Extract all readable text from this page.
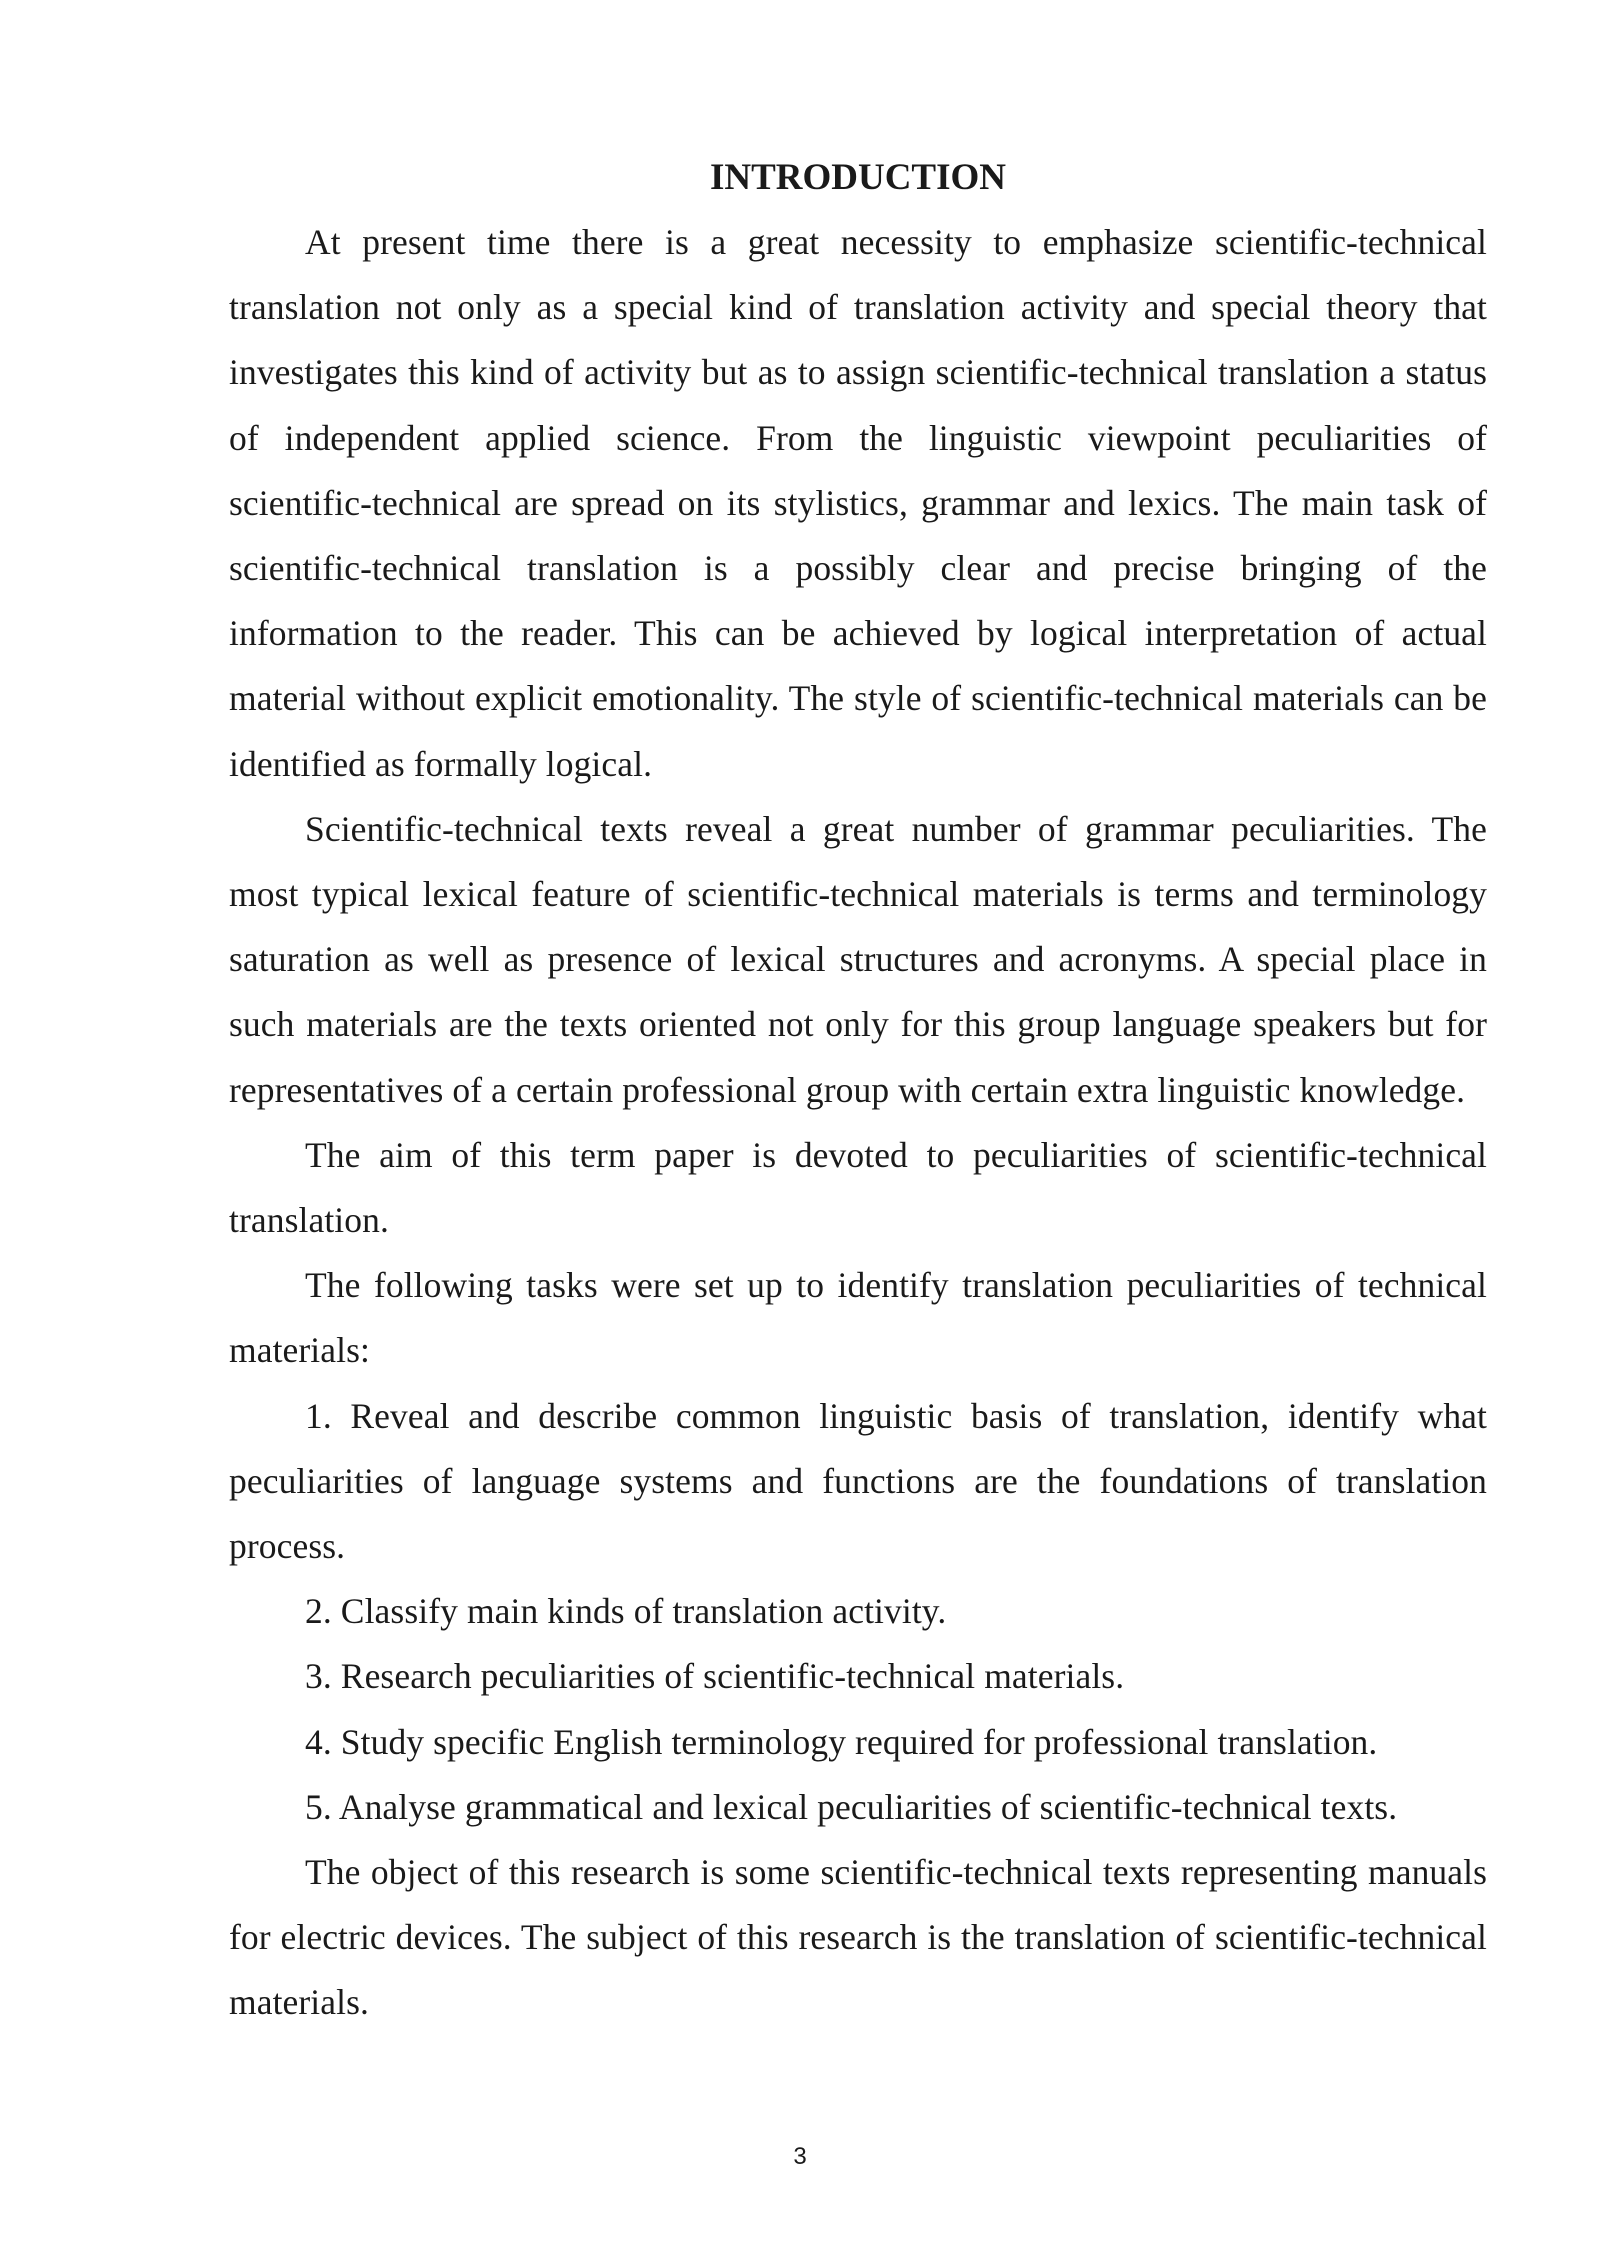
INTRODUCTION

At present time there is a great necessity to emphasize scientific-technical translation not only as a special kind of translation activity and special theory that investigates this kind of activity but as to assign scientific-technical translation a status of independent applied science. From the linguistic viewpoint peculiarities of scientific-technical are spread on its stylistics, grammar and lexics. The main task of scientific-technical translation is a possibly clear and precise bringing of the information to the reader. This can be achieved by logical interpretation of actual material without explicit emotionality. The style of scientific-technical materials can be identified as formally logical.

Scientific-technical texts reveal a great number of grammar peculiarities. The most typical lexical feature of scientific-technical materials is terms and terminology saturation as well as presence of lexical structures and acronyms. A special place in such materials are the texts oriented not only for this group language speakers but for representatives of a certain professional group with certain extra linguistic knowledge.

The aim of this term paper is devoted to peculiarities of scientific-technical translation.

The following tasks were set up to identify translation peculiarities of technical materials:

1. Reveal and describe common linguistic basis of translation, identify what peculiarities of language systems and functions are the foundations of translation process.

2. Classify main kinds of translation activity.

3. Research peculiarities of scientific-technical materials.

4. Study specific English terminology required for professional translation.

5. Analyse grammatical and lexical peculiarities of scientific-technical texts.

The object of this research is some scientific-technical texts representing manuals for electric devices. The subject of this research is the translation of scientific-technical materials.

3
